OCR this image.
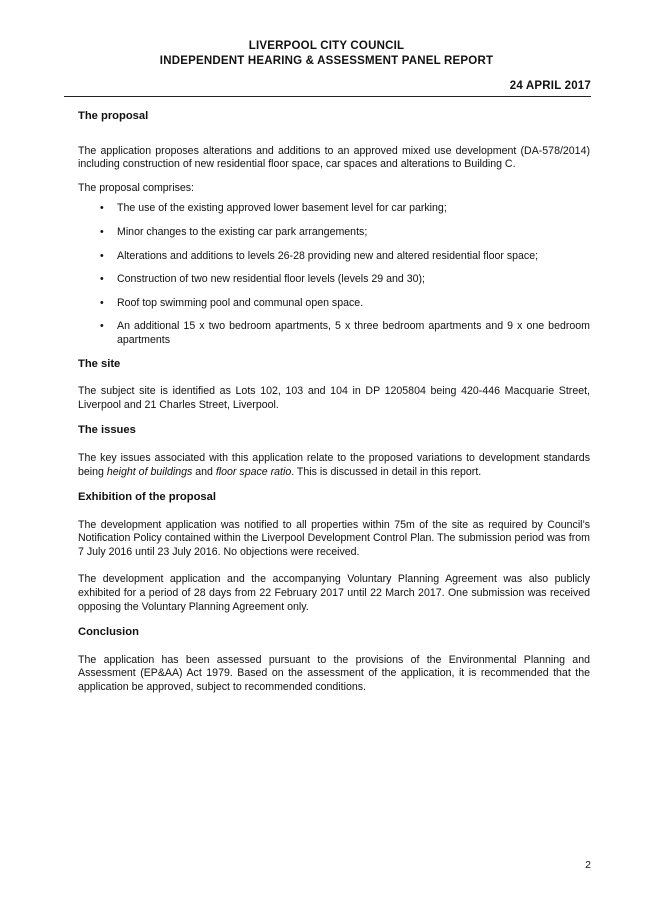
LIVERPOOL CITY COUNCIL
INDEPENDENT HEARING & ASSESSMENT PANEL REPORT
24 APRIL 2017
The proposal

The application proposes alterations and additions to an approved mixed use development (DA-578/2014) including construction of new residential floor space, car spaces and alterations to Building C.

The proposal comprises:

• The use of the existing approved lower basement level for car parking;
• Minor changes to the existing car park arrangements;
• Alterations and additions to levels 26-28 providing new and altered residential floor space;
• Construction of two new residential floor levels (levels 29 and 30);
• Roof top swimming pool and communal open space.
• An additional 15 x two bedroom apartments, 5 x three bedroom apartments and 9 x one bedroom apartments
The site

The subject site is identified as Lots 102, 103 and 104 in DP 1205804 being 420-446 Macquarie Street, Liverpool and 21 Charles Street, Liverpool.

The issues

The key issues associated with this application relate to the proposed variations to development standards being height of buildings and floor space ratio. This is discussed in detail in this report.

Exhibition of the proposal

The development application was notified to all properties within 75m of the site as required by Council’s Notification Policy contained within the Liverpool Development Control Plan. The submission period was from 7 July 2016 until 23 July 2016. No objections were received.

The development application and the accompanying Voluntary Planning Agreement was also publicly exhibited for a period of 28 days from 22 February 2017 until 22 March 2017. One submission was received opposing the Voluntary Planning Agreement only.

Conclusion

The application has been assessed pursuant to the provisions of the Environmental Planning and Assessment (EP&AA) Act 1979. Based on the assessment of the application, it is recommended that the application be approved, subject to recommended conditions.

2
